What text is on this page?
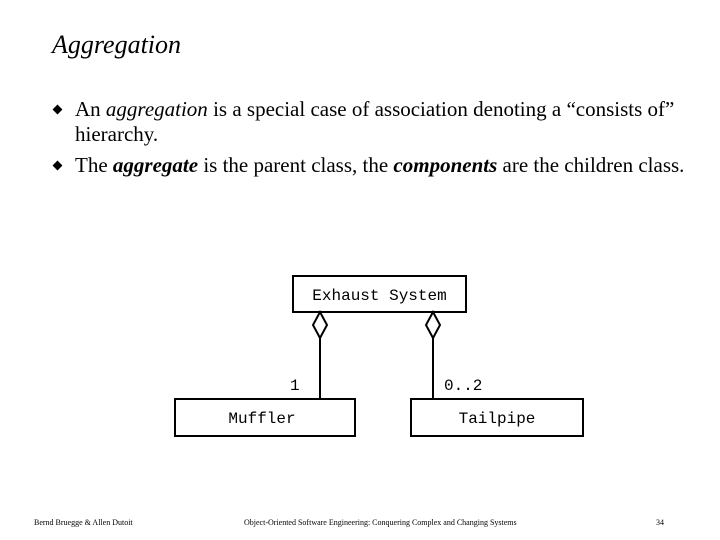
Aggregation
An aggregation is a special case of association denoting a “consists of” hierarchy.
The aggregate is the parent class, the components are the children class.
Exhaust System
1	0..2
Muffler	Tailpipe
Bernd Bruegge & Allen Dutoit	Object-Oriented Software Engineering: Conquering Complex and Changing Systems	34
